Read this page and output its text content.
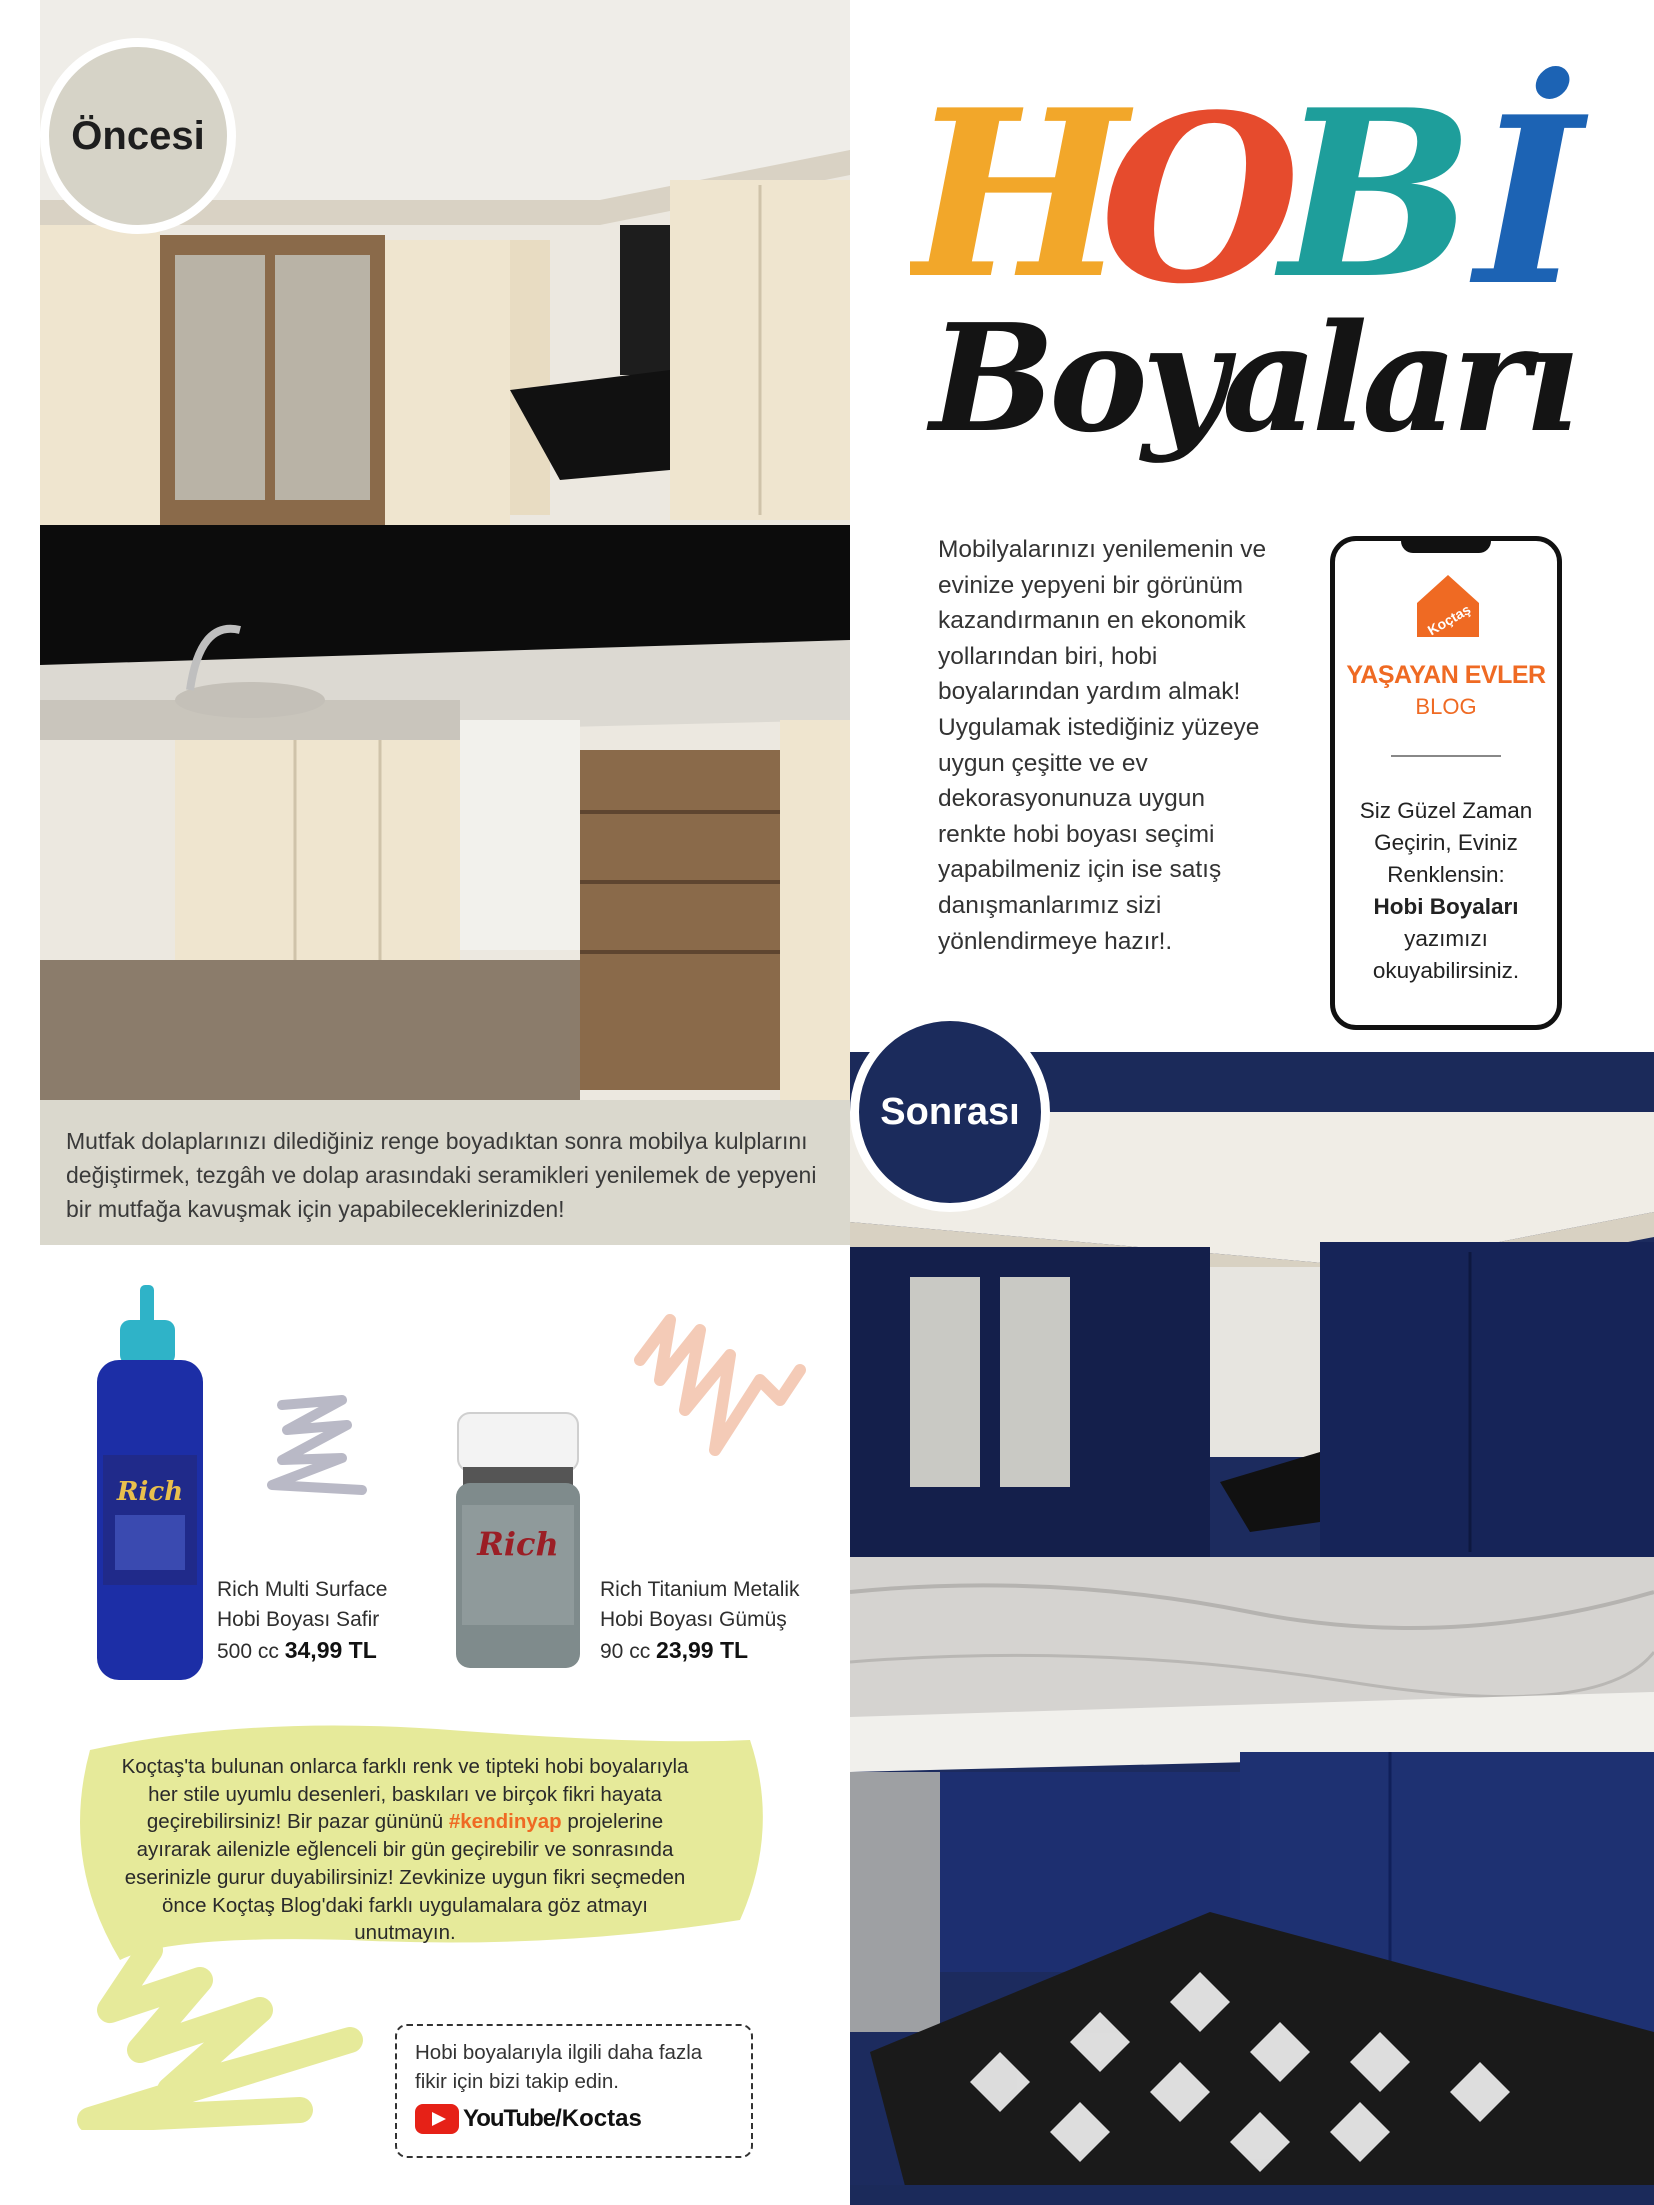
Öncesi
Mutfak dolaplarınızı dilediğiniz renge boyadıktan sonra mobilya kulplarını değiştirmek, tezgâh ve dolap arasındaki seramikleri yenilemek de yepyeni bir mutfağa kavuşmak için yapabileceklerinizden!
H
O
B İ
Boyaları
Mobilyalarınızı yenilemenin ve evinize yepyeni bir görünüm kazandırmanın en ekonomik yollarından biri, hobi boyalarından yardım almak! Uygulamak istediğiniz yüzeye uygun çeşitte ve ev dekorasyonunuza uygun renkte hobi boyası seçimi yapabilmeniz için ise satış danışmanlarımız sizi yönlendirmeye hazır!.
Koçtaş
YAŞAYAN EVLER
BLOG
Siz Güzel Zaman Geçirin, Eviniz Renklensin:
Hobi Boyaları
yazımızı okuyabilirsiniz.
Sonrası
Rich
Rich
Rich Multi Surface
Hobi Boyası Safir
500 cc 34,99 TL
Rich Titanium Metalik
Hobi Boyası Gümüş
90 cc 23,99 TL
Koçtaş'ta bulunan onlarca farklı renk ve tipteki hobi boyalarıyla her stile uyumlu desenleri, baskıları ve birçok fikri hayata geçirebilirsiniz! Bir pazar gününü #kendinyap projelerine ayırarak ailenizle eğlenceli bir gün geçirebilir ve sonrasında eserinizle gurur duyabilirsiniz! Zevkinize uygun fikri seçmeden önce Koçtaş Blog'daki farklı uygulamalara göz atmayı unutmayın.
Hobi boyalarıyla ilgili daha fazla fikir için bizi takip edin.
YouTube /Koctas
